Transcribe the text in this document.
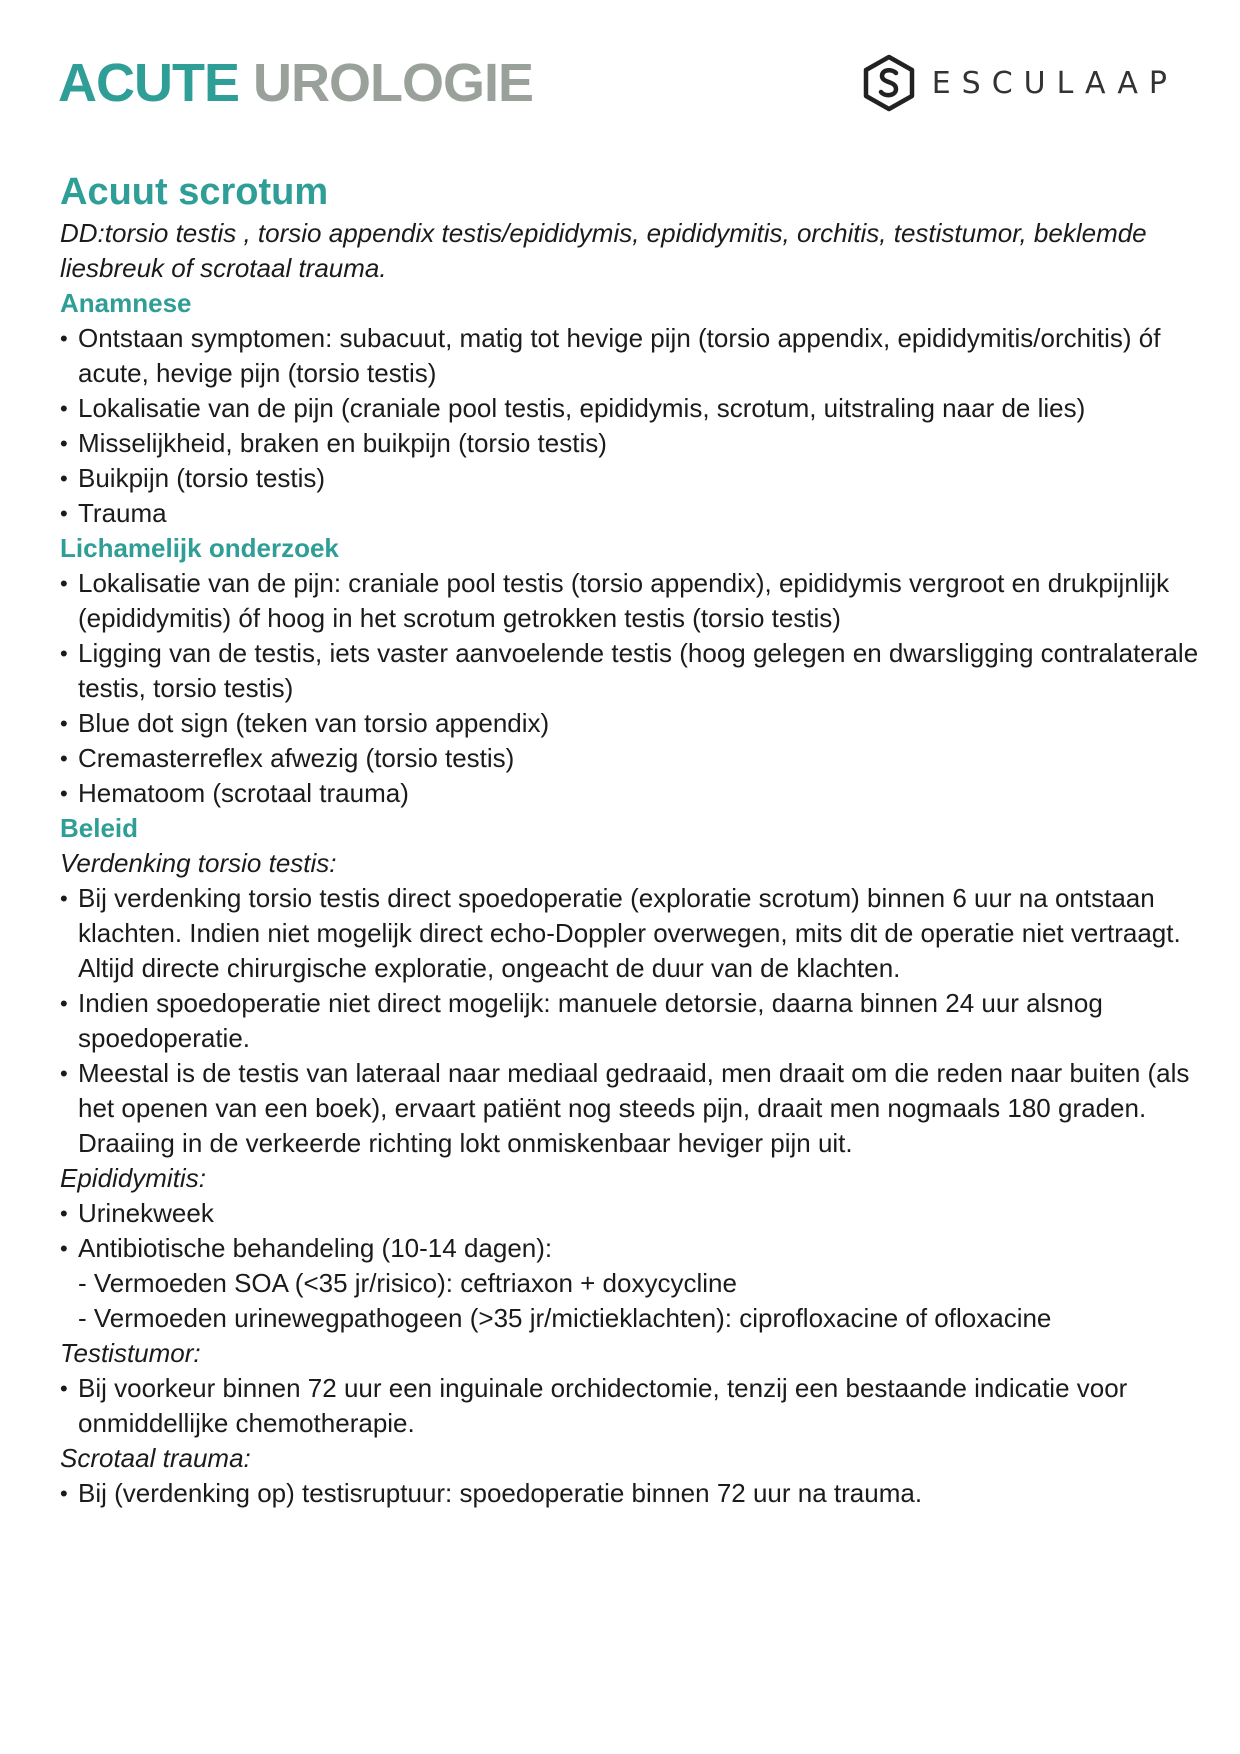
ACUTE UROLOGIE	ESCULAAP
Acuut scrotum

DD:torsio testis , torsio appendix testis/epididymis, epididymitis, orchitis, testistumor, beklemde liesbreuk of scrotaal trauma.

Anamnese
• Ontstaan symptomen: subacuut, matig tot hevige pijn (torsio appendix, epididymitis/orchitis) óf acute, hevige pijn (torsio testis)
• Lokalisatie van de pijn (craniale pool testis, epididymis, scrotum, uitstraling naar de lies)
• Misselijkheid, braken en buikpijn (torsio testis)
• Buikpijn (torsio testis)
• Trauma
Lichamelijk onderzoek
• Lokalisatie van de pijn: craniale pool testis (torsio appendix), epididymis vergroot en drukpijnlijk (epididymitis) óf hoog in het scrotum getrokken testis (torsio testis)
• Ligging van de testis, iets vaster aanvoelende testis (hoog gelegen en dwarsligging contralaterale testis, torsio testis)
• Blue dot sign (teken van torsio appendix)
• Cremasterreflex afwezig (torsio testis)
• Hematoom (scrotaal trauma)
Beleid

Verdenking torsio testis:

• Bij verdenking torsio testis direct spoedoperatie (exploratie scrotum) binnen 6 uur na ontstaan klachten. Indien niet mogelijk direct echo-Doppler overwegen, mits dit de operatie niet vertraagt. Altijd directe chirurgische exploratie, ongeacht de duur van de klachten.
• Indien spoedoperatie niet direct mogelijk: manuele detorsie, daarna binnen 24 uur alsnog spoedoperatie.
• Meestal is de testis van lateraal naar mediaal gedraaid, men draait om die reden naar buiten (als het openen van een boek), ervaart patiënt nog steeds pijn, draait men nogmaals 180 graden. Draaiing in de verkeerde richting lokt onmiskenbaar heviger pijn uit.

Epididymitis:

• Urinekweek
• Antibiotische behandeling (10-14 dagen):
- Vermoeden SOA (<35 jr/risico): ceftriaxon + doxycycline
- Vermoeden urinewegpathogeen (>35 jr/mictieklachten): ciprofloxacine of ofloxacine

Testistumor:

• Bij voorkeur binnen 72 uur een inguinale orchidectomie, tenzij een bestaande indicatie voor onmiddellijke chemotherapie.

Scrotaal trauma:

• Bij (verdenking op) testisruptuur: spoedoperatie binnen 72 uur na trauma.
